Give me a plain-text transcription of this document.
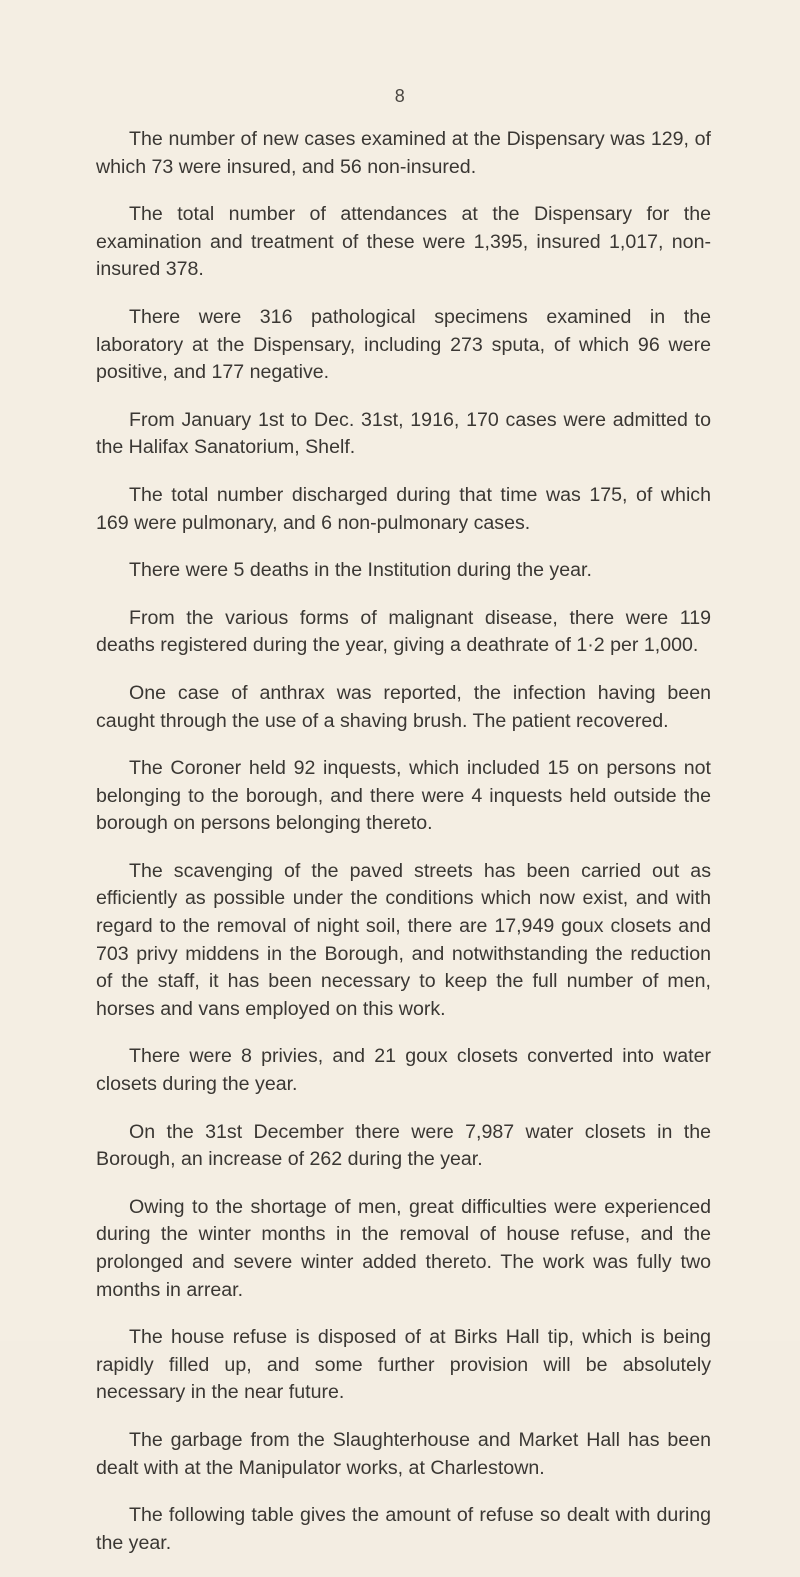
8

The number of new cases examined at the Dispensary was 129, of which 73 were insured, and 56 non-insured.

The total number of attendances at the Dispensary for the examination and treatment of these were 1,395, insured 1,017, non-insured 378.

There were 316 pathological specimens examined in the laboratory at the Dispensary, including 273 sputa, of which 96 were positive, and 177 negative.

From January 1st to Dec. 31st, 1916, 170 cases were admitted to the Halifax Sanatorium, Shelf.

The total number discharged during that time was 175, of which 169 were pulmonary, and 6 non-pulmonary cases.

There were 5 deaths in the Institution during the year.

From the various forms of malignant disease, there were 119 deaths registered during the year, giving a deathrate of 1·2 per 1,000.

One case of anthrax was reported, the infection having been caught through the use of a shaving brush. The patient recovered.

The Coroner held 92 inquests, which included 15 on persons not belonging to the borough, and there were 4 inquests held outside the borough on persons belonging thereto.

The scavenging of the paved streets has been carried out as efficiently as possible under the conditions which now exist, and with regard to the removal of night soil, there are 17,949 goux closets and 703 privy middens in the Borough, and notwithstanding the reduction of the staff, it has been necessary to keep the full number of men, horses and vans employed on this work.

There were 8 privies, and 21 goux closets converted into water closets during the year.

On the 31st December there were 7,987 water closets in the Borough, an increase of 262 during the year.

Owing to the shortage of men, great difficulties were experienced during the winter months in the removal of house refuse, and the prolonged and severe winter added thereto. The work was fully two months in arrear.

The house refuse is disposed of at Birks Hall tip, which is being rapidly filled up, and some further provision will be absolutely necessary in the near future.

The garbage from the Slaughterhouse and Market Hall has been dealt with at the Manipulator works, at Charlestown.

The following table gives the amount of refuse so dealt with during the year.
